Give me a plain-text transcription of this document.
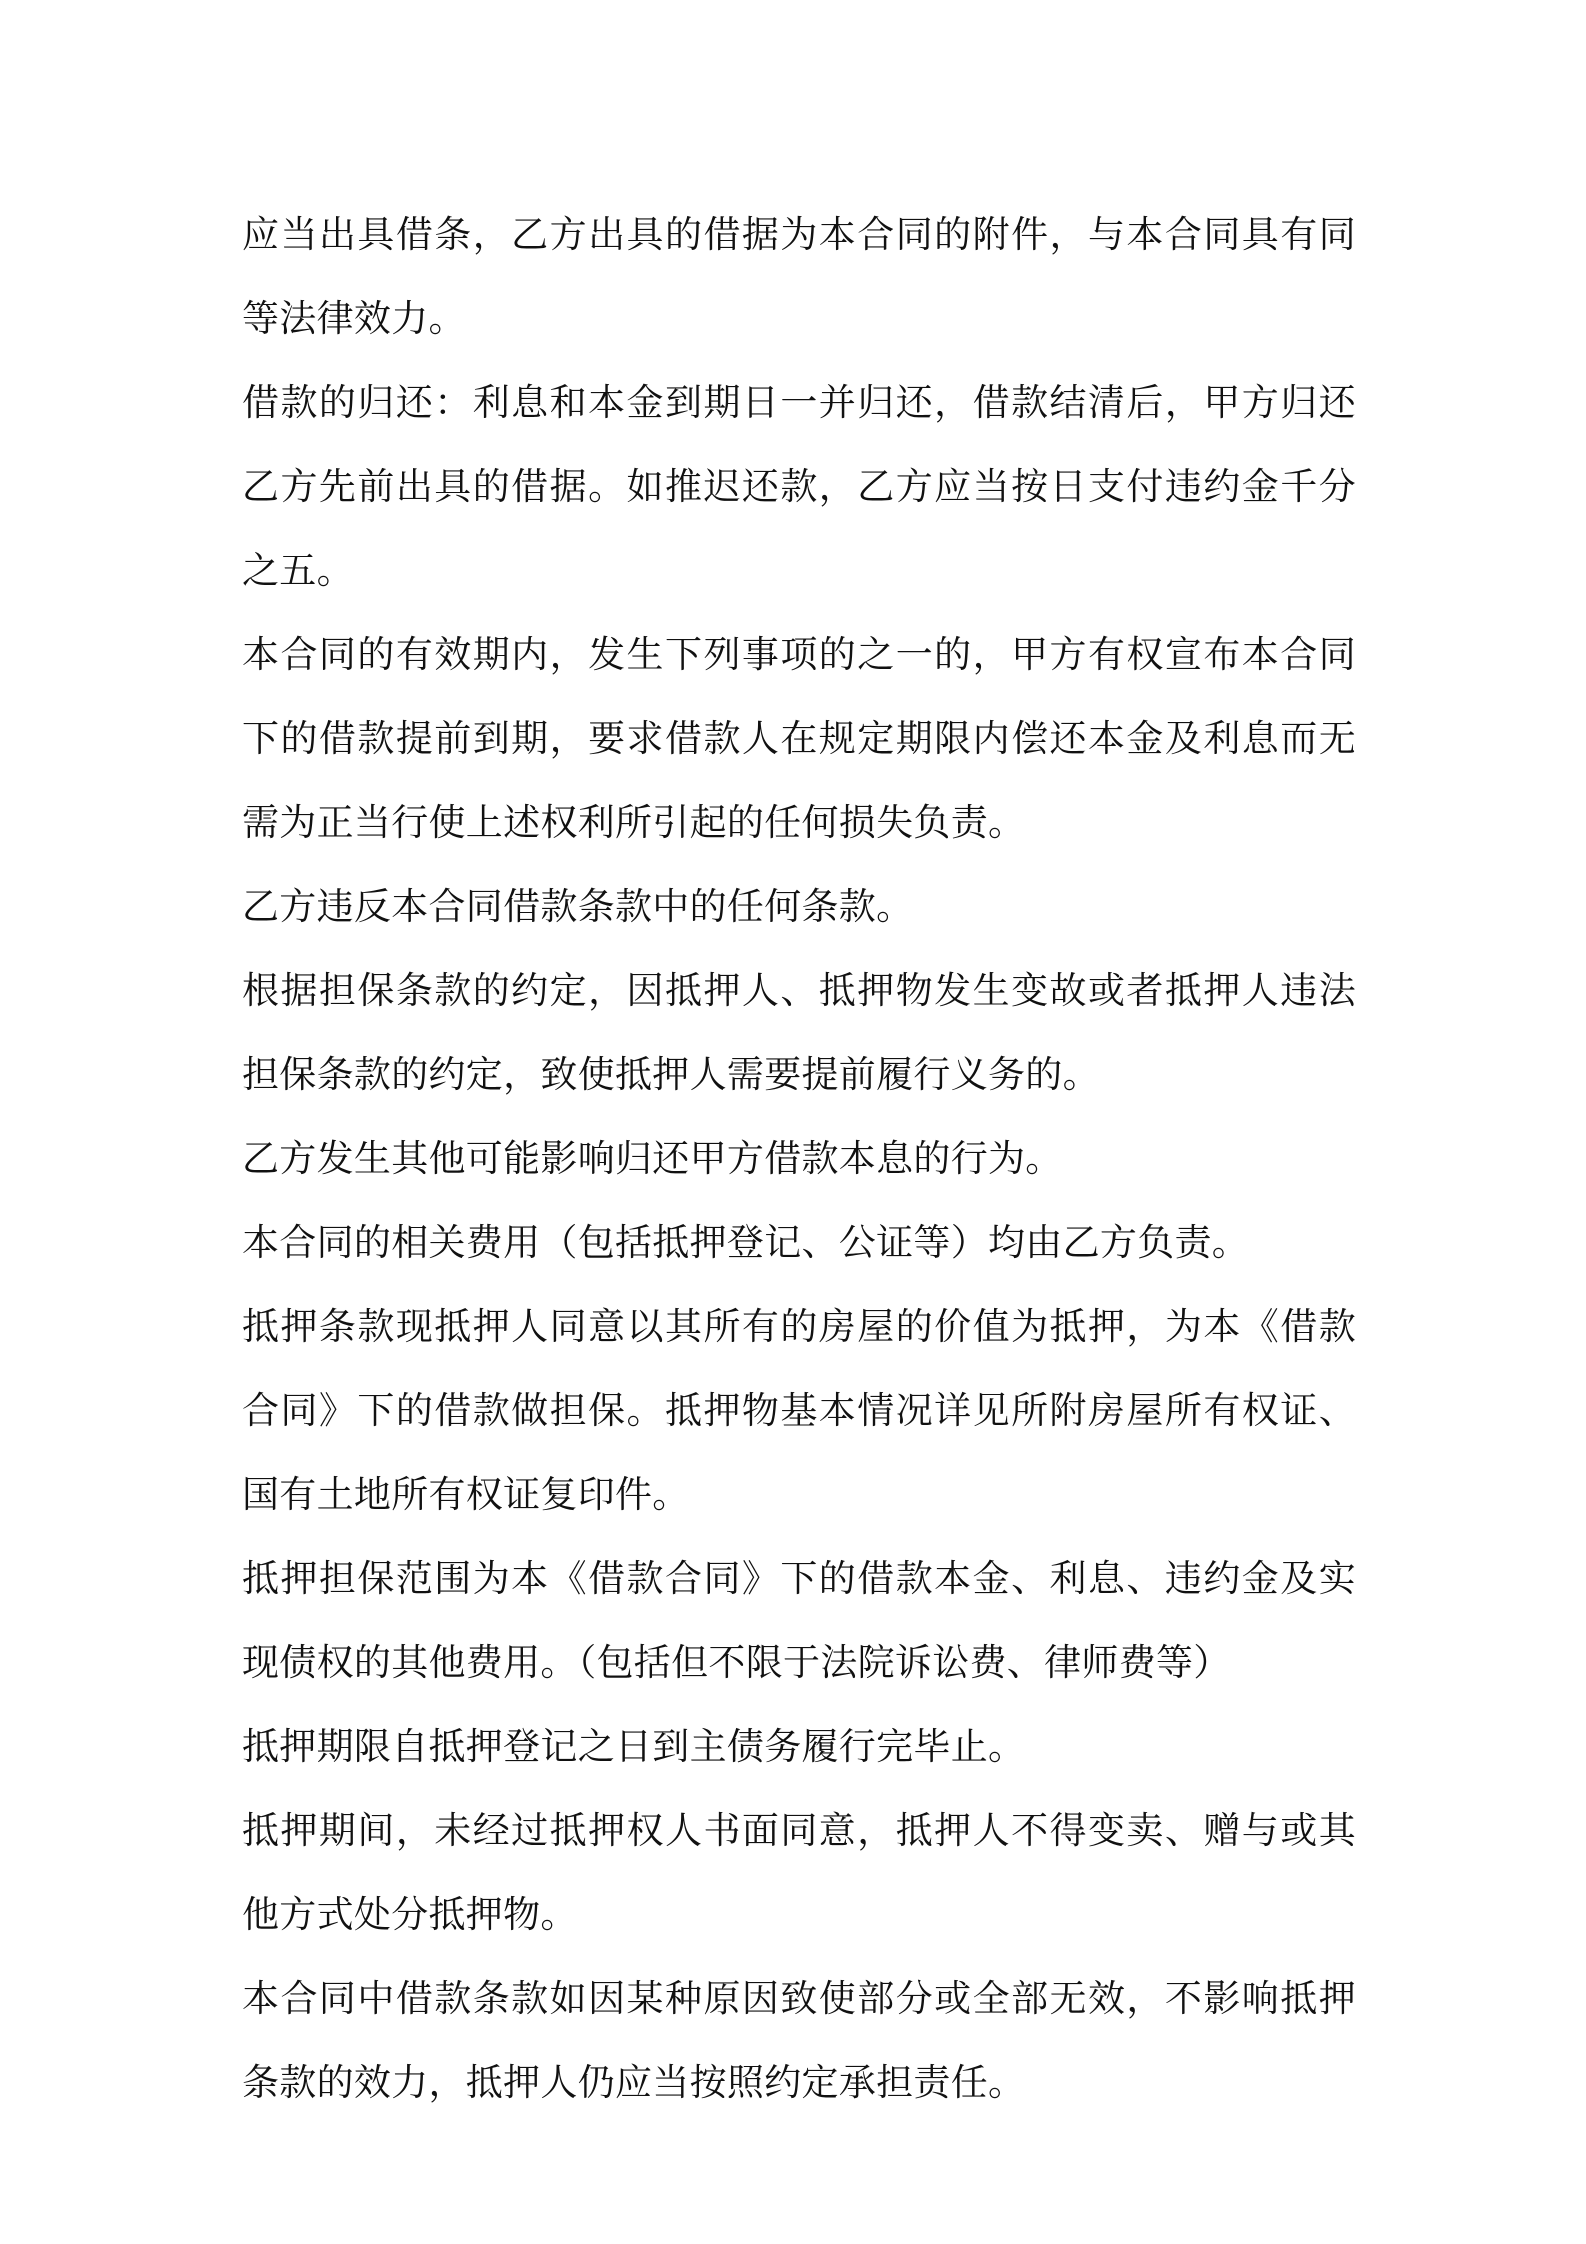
应当出具借条，乙方出具的借据为本合同的附件，与本合同具有同等法律效力。

借款的归还：利息和本金到期日一并归还，借款结清后，甲方归还乙方先前出具的借据。如推迟还款，乙方应当按日支付违约金千分之五。

本合同的有效期内，发生下列事项的之一的，甲方有权宣布本合同下的借款提前到期，要求借款人在规定期限内偿还本金及利息而无需为正当行使上述权利所引起的任何损失负责。

乙方违反本合同借款条款中的任何条款。

根据担保条款的约定，因抵押人、抵押物发生变故或者抵押人违法担保条款的约定，致使抵押人需要提前履行义务的。

乙方发生其他可能影响归还甲方借款本息的行为。

本合同的相关费用（包括抵押登记、公证等）均由乙方负责。

抵押条款现抵押人同意以其所有的房屋的价值为抵押，为本《借款合同》下的借款做担保。抵押物基本情况详见所附房屋所有权证、国有土地所有权证复印件。

抵押担保范围为本《借款合同》下的借款本金、利息、违约金及实现债权的其他费用。（包括但不限于法院诉讼费、律师费等）

抵押期限自抵押登记之日到主债务履行完毕止。

抵押期间，未经过抵押权人书面同意，抵押人不得变卖、赠与或其他方式处分抵押物。

本合同中借款条款如因某种原因致使部分或全部无效，不影响抵押条款的效力，抵押人仍应当按照约定承担责任。
